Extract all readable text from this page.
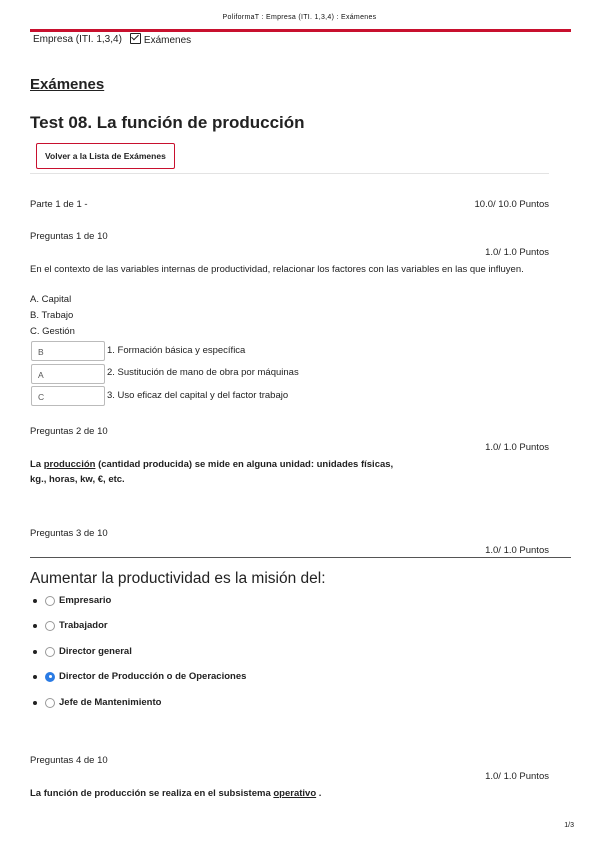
PoliformaT : Empresa (ITI. 1,3,4) : Exámenes
Empresa (ITI. 1,3,4)	Exámenes
Exámenes
Test 08. La función de producción
Volver a la Lista de Exámenes
Parte 1 de 1 -	10.0/ 10.0 Puntos
Preguntas 1 de 10
1.0/ 1.0 Puntos
En el contexto de las variables internas de productividad, relacionar los factores con las variables en las que influyen.
A. Capital
B. Trabajo
C. Gestión
B	1. Formación básica y específica
A	2. Sustitución de mano de obra por máquinas
C	3. Uso eficaz del capital y del factor trabajo
Preguntas 2 de 10
1.0/ 1.0 Puntos
La producción (cantidad producida) se mide en alguna unidad: unidades físicas,
kg., horas, kw, €, etc.
Preguntas 3 de 10
1.0/ 1.0 Puntos
Aumentar la productividad es la misión del:
Empresario
Trabajador
Director general
Director de Producción o de Operaciones
Jefe de Mantenimiento
Preguntas 4 de 10
1.0/ 1.0 Puntos
La función de producción se realiza en el subsistema operativo .
1/3
